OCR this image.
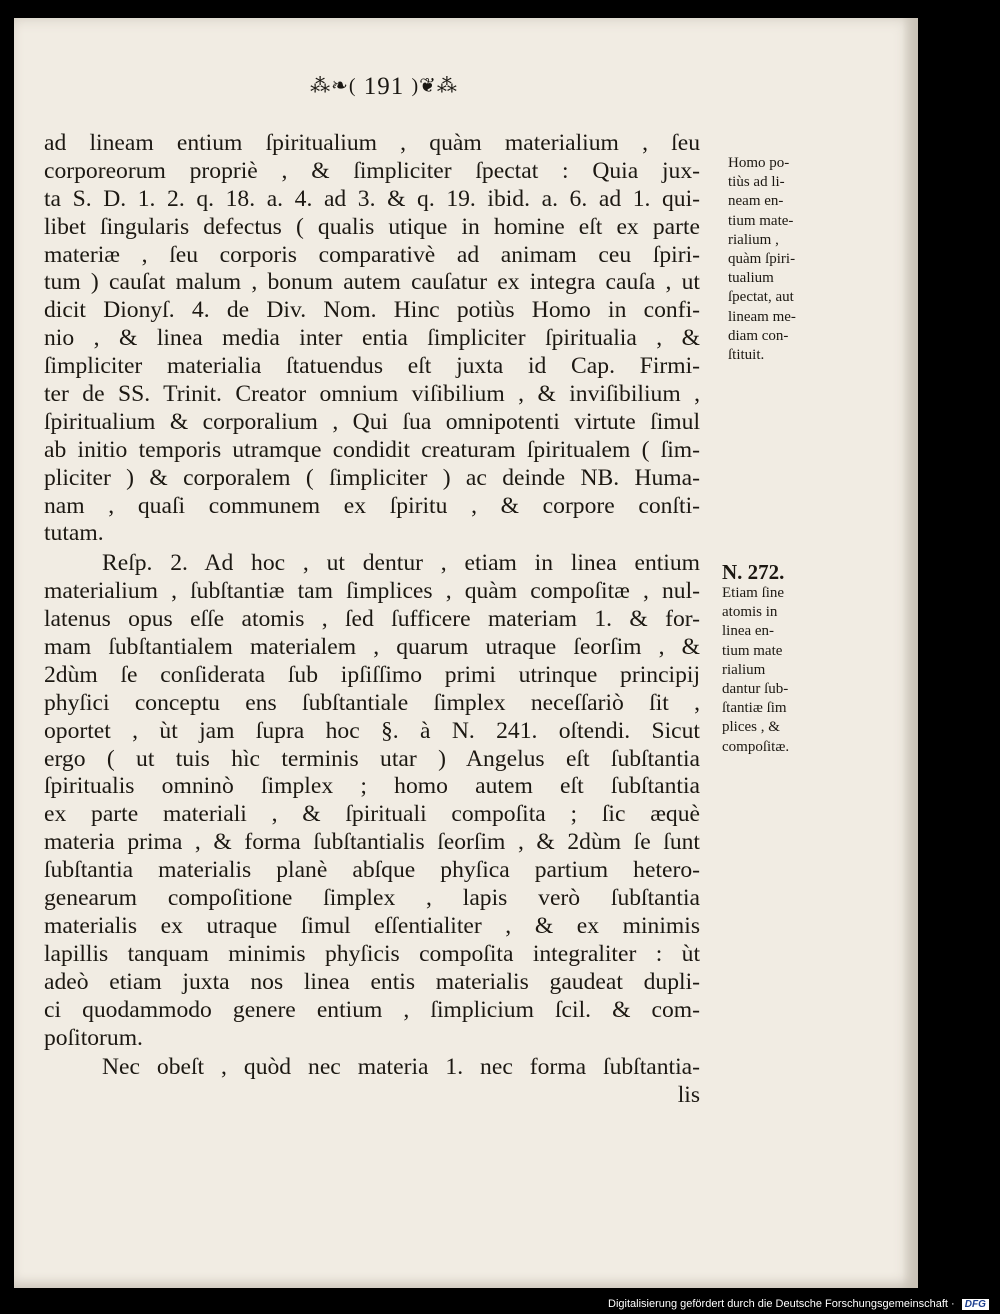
⁂❧( 191 )❦⁂
ad lineam entium ſpiritualium , quàm materialium , ſeu
corporeorum propriè , & ſimpliciter ſpectat : Quia jux-
ta S. D. 1. 2. q. 18. a. 4. ad 3. & q. 19. ibid. a. 6. ad 1. qui-
libet ſingularis defectus ( qualis utique in homine eſt ex parte
materiæ , ſeu corporis comparativè ad animam ceu ſpiri-
tum ) cauſat malum , bonum autem cauſatur ex integra cauſa , ut
dicit Dionyſ. 4. de Div. Nom. Hinc potiùs Homo in confi-
nio , & linea media inter entia ſimpliciter ſpiritualia , &
ſimpliciter materialia ſtatuendus eſt juxta id Cap. Firmi-
ter de SS. Trinit. Creator omnium viſibilium , & inviſibilium ,
ſpiritualium & corporalium , Qui ſua omnipotenti virtute ſimul
ab initio temporis utramque condidit creaturam ſpiritualem ( ſim-
pliciter ) & corporalem ( ſimpliciter ) ac deinde NB. Huma-
nam , quaſi communem ex ſpiritu , & corpore conſti-
tutam.
Reſp. 2. Ad hoc , ut dentur , etiam in linea entium
materialium , ſubſtantiæ tam ſimplices , quàm compoſitæ , nul-
latenus opus eſſe atomis , ſed ſufficere materiam 1. & for-
mam ſubſtantialem materialem , quarum utraque ſeorſim , &
2dùm ſe conſiderata ſub ipſiſſimo primi utrinque principij
phyſici conceptu ens ſubſtantiale ſimplex neceſſariò ſit ,
oportet , ùt jam ſupra hoc §. à N. 241. oſtendi. Sicut
ergo ( ut tuis hìc terminis utar ) Angelus eſt ſubſtantia
ſpiritualis omninò ſimplex ; homo autem eſt ſubſtantia
ex parte materiali , & ſpirituali compoſita ; ſic æquè
materia prima , & forma ſubſtantialis ſeorſim , & 2dùm ſe ſunt
ſubſtantia materialis planè abſque phyſica partium hetero-
genearum compoſitione ſimplex , lapis verò ſubſtantia
materialis ex utraque ſimul eſſentialiter , & ex minimis
lapillis tanquam minimis phyſicis compoſita integraliter : ùt
adeò etiam juxta nos linea entis materialis gaudeat dupli-
ci quodammodo genere entium , ſimplicium ſcil. & com-
poſitorum.
Nec obeſt , quòd nec materia 1. nec forma ſubſtantia-
lis
Homo po-
tiùs ad li-
neam en-
tium mate-
rialium ,
quàm ſpiri-
tualium
ſpectat, aut
lineam me-
diam con-
ſtituit.
N. 272.
Etiam ſine
atomis in
linea en-
tium mate
rialium
dantur ſub-
ſtantiæ ſim
plices , &
compoſitæ.
Digitalisierung gefördert durch die Deutsche Forschungsgemeinschaft · DFG
